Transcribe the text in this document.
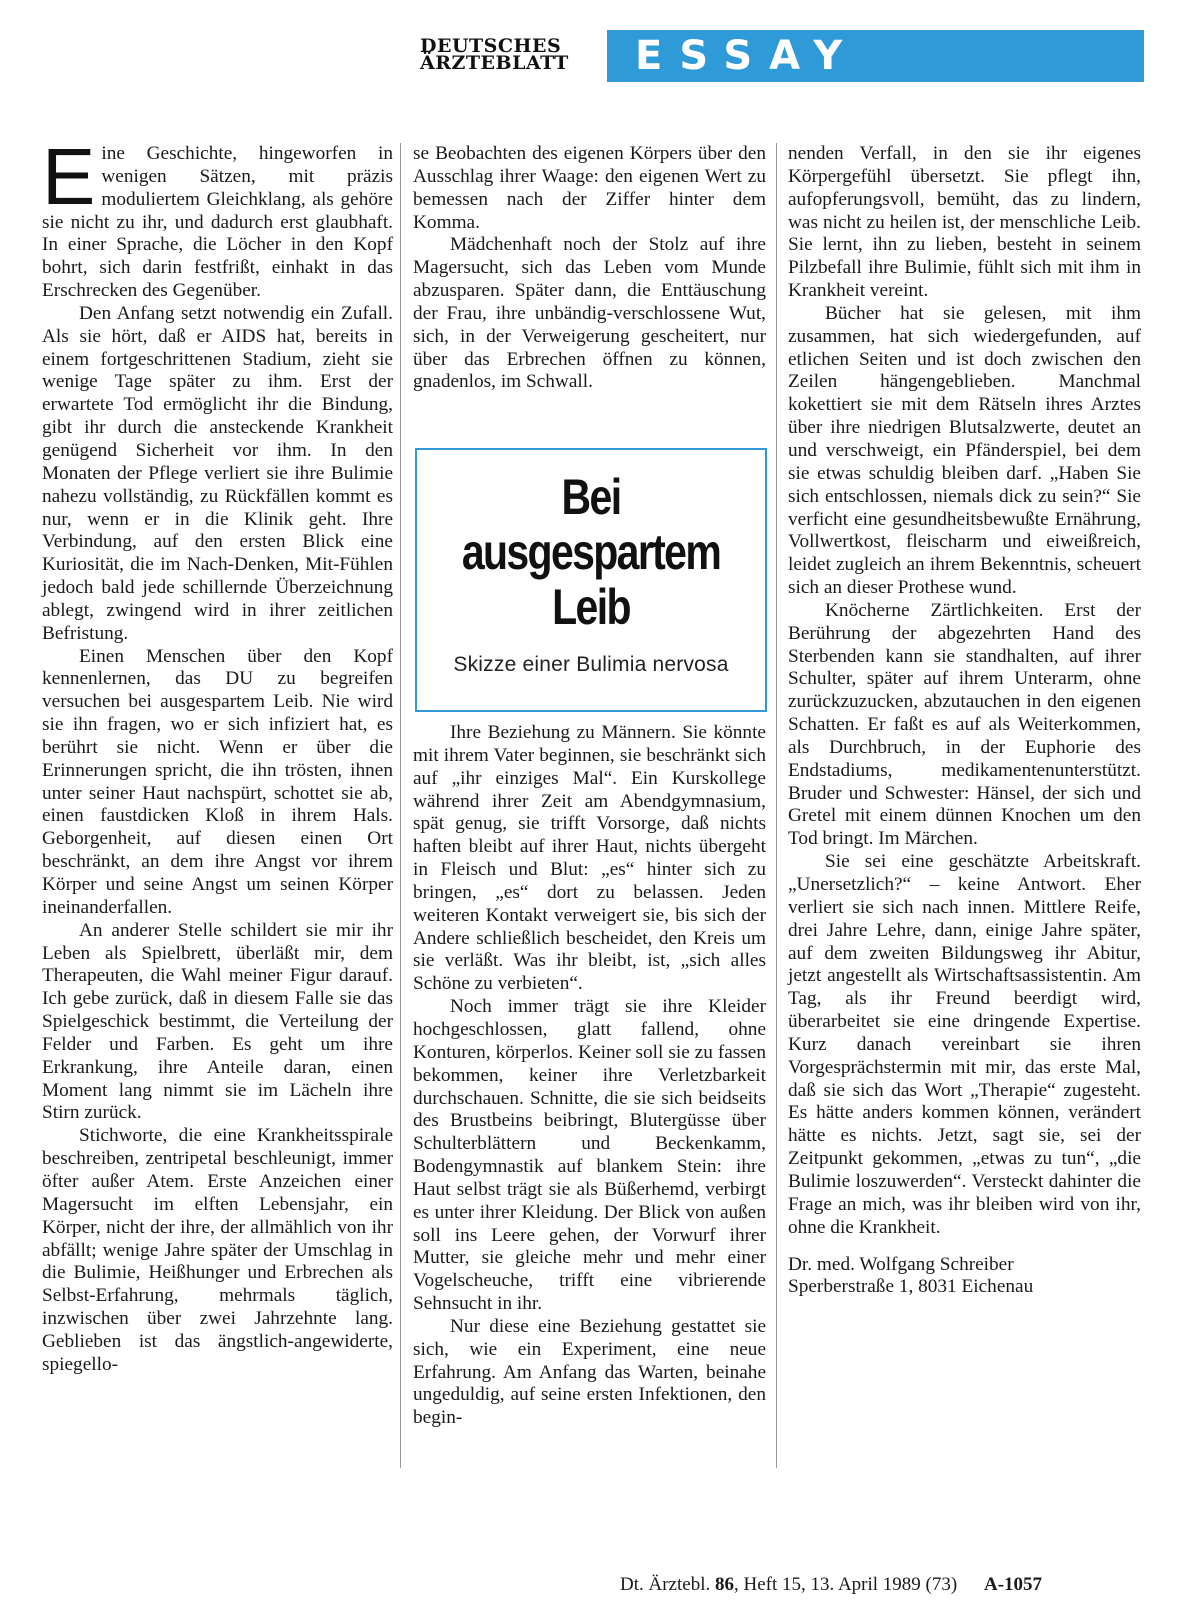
DEUTSCHES
ÄRZTEBLATT ESSAY

Eine Geschichte, hingeworfen in wenigen Sätzen, mit präzis moduliertem Gleichklang, als gehöre sie nicht zu ihr, und dadurch erst glaubhaft. In einer Sprache, die Löcher in den Kopf bohrt, sich darin festfrißt, einhakt in das Erschrecken des Gegenüber.

Den Anfang setzt notwendig ein Zufall. Als sie hört, daß er AIDS hat, bereits in einem fortgeschrittenen Stadium, zieht sie wenige Tage später zu ihm. Erst der erwartete Tod ermöglicht ihr die Bindung, gibt ihr durch die ansteckende Krankheit genügend Sicherheit vor ihm. In den Monaten der Pflege verliert sie ihre Bulimie nahezu vollständig, zu Rückfällen kommt es nur, wenn er in die Klinik geht. Ihre Verbindung, auf den ersten Blick eine Kuriosität, die im Nach-Denken, Mit-Fühlen jedoch bald jede schillernde Überzeichnung ablegt, zwingend wird in ihrer zeitlichen Befristung.

Einen Menschen über den Kopf kennenlernen, das DU zu begreifen versuchen bei ausgespartem Leib. Nie wird sie ihn fragen, wo er sich infiziert hat, es berührt sie nicht. Wenn er über die Erinnerungen spricht, die ihn trösten, ihnen unter seiner Haut nachspürt, schottet sie ab, einen faustdicken Kloß in ihrem Hals. Geborgenheit, auf diesen einen Ort beschränkt, an dem ihre Angst vor ihrem Körper und seine Angst um seinen Körper ineinanderfallen.

An anderer Stelle schildert sie mir ihr Leben als Spielbrett, überläßt mir, dem Therapeuten, die Wahl meiner Figur darauf. Ich gebe zurück, daß in diesem Falle sie das Spielgeschick bestimmt, die Verteilung der Felder und Farben. Es geht um ihre Erkrankung, ihre Anteile daran, einen Moment lang nimmt sie im Lächeln ihre Stirn zurück.

Stichworte, die eine Krankheitsspirale beschreiben, zentripetal beschleunigt, immer öfter außer Atem. Erste Anzeichen einer Magersucht im elften Lebensjahr, ein Körper, nicht der ihre, der allmählich von ihr abfällt; wenige Jahre später der Umschlag in die Bulimie, Heißhunger und Erbrechen als Selbst-Erfahrung, mehrmals täglich, inzwischen über zwei Jahrzehnte lang. Geblieben ist das ängstlich-angewiderte, spiegello-

se Beobachten des eigenen Körpers über den Ausschlag ihrer Waage: den eigenen Wert zu bemessen nach der Ziffer hinter dem Komma.

Mädchenhaft noch der Stolz auf ihre Magersucht, sich das Leben vom Munde abzusparen. Später dann, die Enttäuschung der Frau, ihre unbändig-verschlossene Wut, sich, in der Verweigerung gescheitert, nur über das Erbrechen öffnen zu können, gnadenlos, im Schwall.

Bei
ausgespartem
Leib
Skizze einer Bulimia nervosa

Ihre Beziehung zu Männern. Sie könnte mit ihrem Vater beginnen, sie beschränkt sich auf „ihr einziges Mal“. Ein Kurskollege während ihrer Zeit am Abendgymnasium, spät genug, sie trifft Vorsorge, daß nichts haften bleibt auf ihrer Haut, nichts übergeht in Fleisch und Blut: „es“ hinter sich zu bringen, „es“ dort zu belassen. Jeden weiteren Kontakt verweigert sie, bis sich der Andere schließlich bescheidet, den Kreis um sie verläßt. Was ihr bleibt, ist, „sich alles Schöne zu verbieten“.

Noch immer trägt sie ihre Kleider hochgeschlossen, glatt fallend, ohne Konturen, körperlos. Keiner soll sie zu fassen bekommen, keiner ihre Verletzbarkeit durchschauen. Schnitte, die sie sich beidseits des Brustbeins beibringt, Blutergüsse über Schulterblättern und Beckenkamm, Bodengymnastik auf blankem Stein: ihre Haut selbst trägt sie als Büßerhemd, verbirgt es unter ihrer Kleidung. Der Blick von außen soll ins Leere gehen, der Vorwurf ihrer Mutter, sie gleiche mehr und mehr einer Vogelscheuche, trifft eine vibrierende Sehnsucht in ihr.

Nur diese eine Beziehung gestattet sie sich, wie ein Experiment, eine neue Erfahrung. Am Anfang das Warten, beinahe ungeduldig, auf seine ersten Infektionen, den begin-

nenden Verfall, in den sie ihr eigenes Körpergefühl übersetzt. Sie pflegt ihn, aufopferungsvoll, bemüht, das zu lindern, was nicht zu heilen ist, der menschliche Leib. Sie lernt, ihn zu lieben, besteht in seinem Pilzbefall ihre Bulimie, fühlt sich mit ihm in Krankheit vereint.

Bücher hat sie gelesen, mit ihm zusammen, hat sich wiedergefunden, auf etlichen Seiten und ist doch zwischen den Zeilen hängengeblieben. Manchmal kokettiert sie mit dem Rätseln ihres Arztes über ihre niedrigen Blutsalzwerte, deutet an und verschweigt, ein Pfänderspiel, bei dem sie etwas schuldig bleiben darf. „Haben Sie sich entschlossen, niemals dick zu sein?“ Sie verficht eine gesundheitsbewußte Ernährung, Vollwertkost, fleischarm und eiweißreich, leidet zugleich an ihrem Bekenntnis, scheuert sich an dieser Prothese wund.

Knöcherne Zärtlichkeiten. Erst der Berührung der abgezehrten Hand des Sterbenden kann sie standhalten, auf ihrer Schulter, später auf ihrem Unterarm, ohne zurückzuzucken, abzutauchen in den eigenen Schatten. Er faßt es auf als Weiterkommen, als Durchbruch, in der Euphorie des Endstadiums, medikamentenunterstützt. Bruder und Schwester: Hänsel, der sich und Gretel mit einem dünnen Knochen um den Tod bringt. Im Märchen.

Sie sei eine geschätzte Arbeitskraft. „Unersetzlich?“ – keine Antwort. Eher verliert sie sich nach innen. Mittlere Reife, drei Jahre Lehre, dann, einige Jahre später, auf dem zweiten Bildungsweg ihr Abitur, jetzt angestellt als Wirtschaftsassistentin. Am Tag, als ihr Freund beerdigt wird, überarbeitet sie eine dringende Expertise. Kurz danach vereinbart sie ihren Vorgesprächstermin mit mir, das erste Mal, daß sie sich das Wort „Therapie“ zugesteht. Es hätte anders kommen können, verändert hätte es nichts. Jetzt, sagt sie, sei der Zeitpunkt gekommen, „etwas zu tun“, „die Bulimie loszuwerden“. Versteckt dahinter die Frage an mich, was ihr bleiben wird von ihr, ohne die Krankheit.

Dr. med. Wolfgang Schreiber
Sperberstraße 1, 8031 Eichenau

Dt. Ärztebl. 86, Heft 15, 13. April 1989 (73) A-1057
